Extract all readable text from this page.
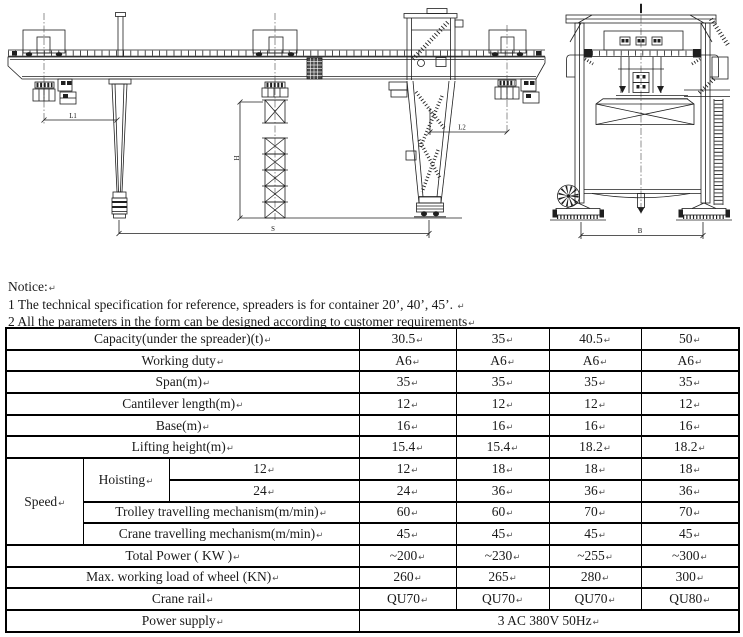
L1
H
L2
S	B
Notice:↵
1 The technical specification for reference, spreaders is for container 20’, 40’, 45’. ↵
2 All the parameters in the form can be designed according to customer requirements↵
Capacity(under the spreader)(t)↵			30.5↵	35↵	40.5↵	50↵
Working duty↵			A6↵	A6↵	A6↵	A6↵
Span(m)↵			35↵	35↵	35↵	35↵
Cantilever length(m)↵			12↵	12↵	12↵	12↵
Base(m)↵			16↵	16↵	16↵	16↵
Lifting height(m)↵			15.4↵	15.4↵	18.2↵	18.2↵
Speed↵	Hoisting↵	12↵	12↵	18↵	18↵	18↵
		24↵	24↵	36↵	36↵	36↵
	Trolley travelling mechanism(m/min)↵		60↵	60↵	70↵	70↵
	Crane travelling mechanism(m/min)↵		45↵	45↵	45↵	45↵
Total Power ( KW )↵			~200↵	~230↵	~255↵	~300↵
Max. working load of wheel (KN)↵			260↵	265↵	280↵	300↵
Crane rail↵			QU70↵	QU70↵	QU70↵	QU80↵
Power supply↵			3 AC 380V 50Hz↵			
